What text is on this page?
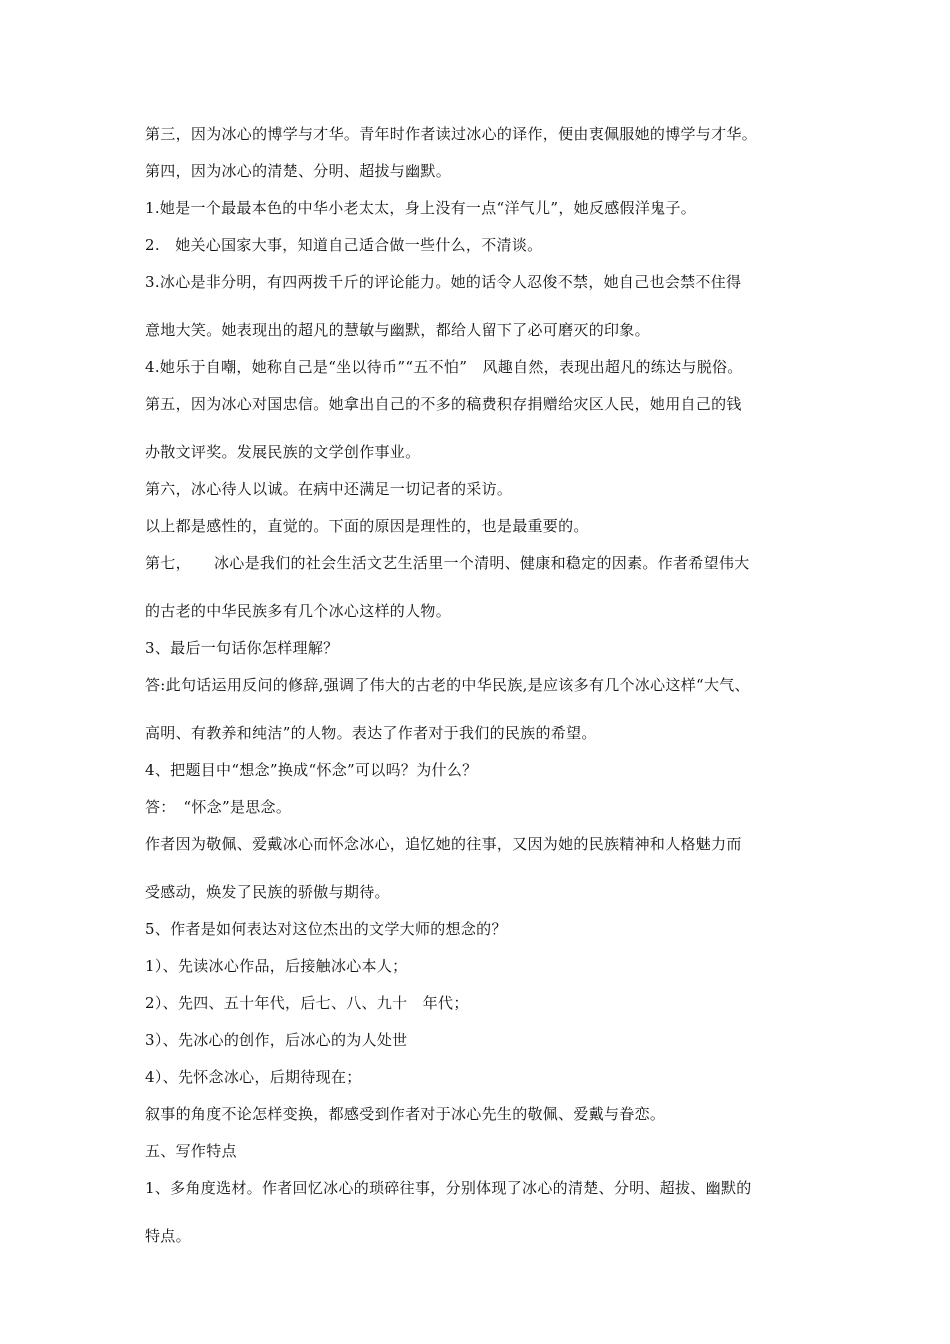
第三，因为冰心的博学与才华。青年时作者读过冰心的译作，便由衷佩服她的博学与才华。
第四，因为冰心的清楚、分明、超拔与幽默。
1.她是一个最最本色的中华小老太太，身上没有一点“洋气儿”，她反感假洋鬼子。
2.　她关心国家大事，知道自己适合做一些什么，不清谈。
3.冰心是非分明，有四两拨千斤的评论能力。她的话令人忍俊不禁，她自己也会禁不住得
意地大笑。她表现出的超凡的慧敏与幽默，都给人留下了必可磨灭的印象。
4.她乐于自嘲，她称自己是“坐以待币”“五不怕”　风趣自然，表现出超凡的练达与脱俗。
第五，因为冰心对国忠信。她拿出自己的不多的稿费积存捐赠给灾区人民，她用自己的钱
办散文评奖。发展民族的文学创作事业。
第六，冰心待人以诚。在病中还满足一切记者的采访。
以上都是感性的，直觉的。下面的原因是理性的，也是最重要的。
第七，　　冰心是我们的社会生活文艺生活里一个清明、健康和稳定的因素。作者希望伟大
的古老的中华民族多有几个冰心这样的人物。
3、最后一句话你怎样理解？
答:此句话运用反问的修辞,强调了伟大的古老的中华民族,是应该多有几个冰心这样“大气、
高明、有教养和纯洁”的人物。表达了作者对于我们的民族的希望。
4、把题目中“想念”换成“怀念”可以吗？为什么？
答：　“怀念”是思念。
作者因为敬佩、爱戴冰心而怀念冰心，追忆她的往事，又因为她的民族精神和人格魅力而
受感动，焕发了民族的骄傲与期待。
5、作者是如何表达对这位杰出的文学大师的想念的？
1）、先读冰心作品，后接触冰心本人；
2）、先四、五十年代，后七、八、九十　年代；
3）、先冰心的创作，后冰心的为人处世
4）、先怀念冰心，后期待现在；
叙事的角度不论怎样变换，都感受到作者对于冰心先生的敬佩、爱戴与眷恋。
五、写作特点
1、多角度选材。作者回忆冰心的琐碎往事，分别体现了冰心的清楚、分明、超拔、幽默的
特点。
